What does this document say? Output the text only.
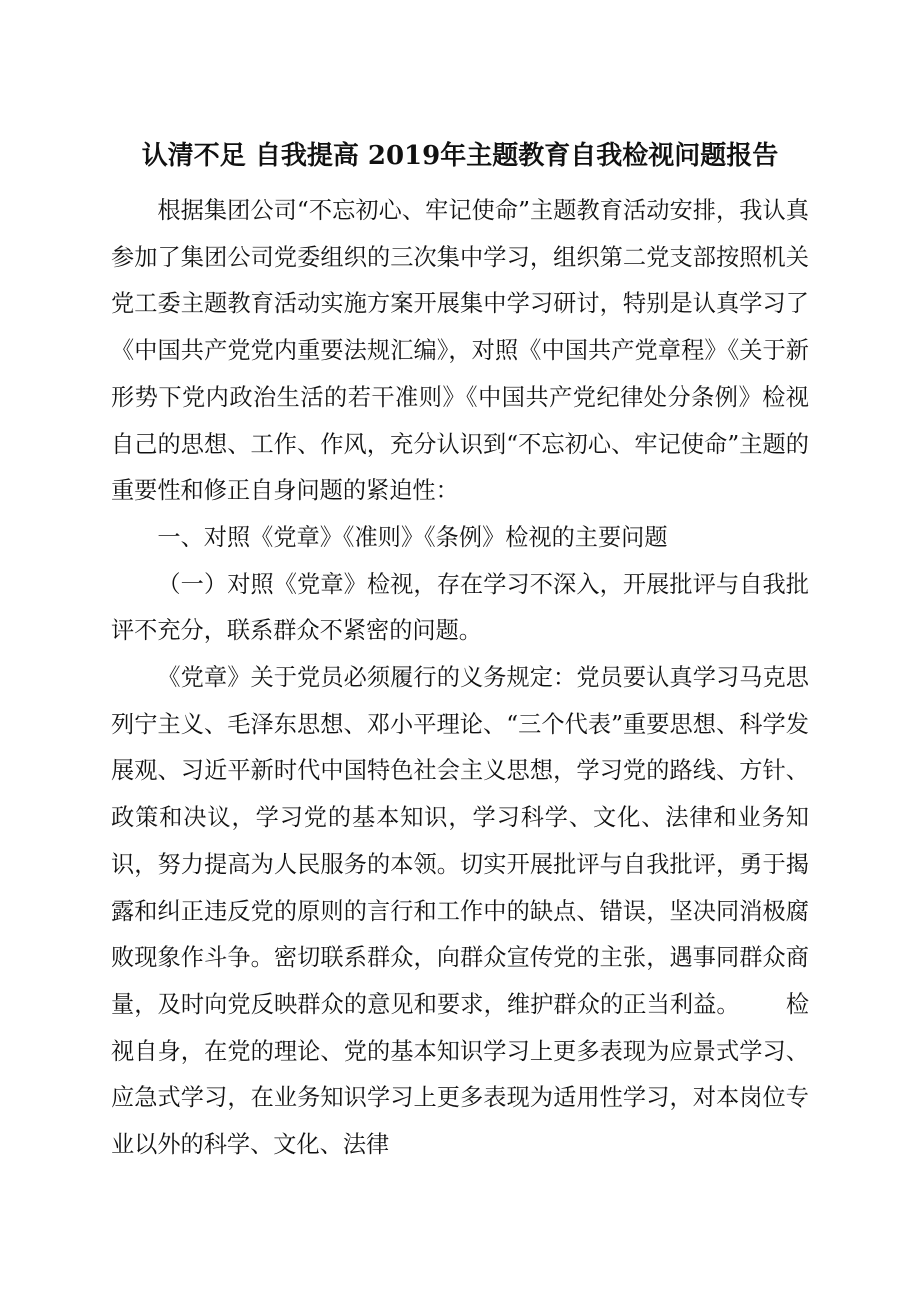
认清不足 自我提高 2019年主题教育自我检视问题报告

根据集团公司“不忘初心、牢记使命”主题教育活动安排，我认真参加了集团公司党委组织的三次集中学习，组织第二党支部按照机关党工委主题教育活动实施方案开展集中学习研讨，特别是认真学习了《中国共产党党内重要法规汇编》，对照《中国共产党章程》《关于新形势下党内政治生活的若干准则》《中国共产党纪律处分条例》检视自己的思想、工作、作风，充分认识到“不忘初心、牢记使命”主题的重要性和修正自身问题的紧迫性：

一、对照《党章》《准则》《条例》检视的主要问题

（一）对照《党章》检视，存在学习不深入，开展批评与自我批评不充分，联系群众不紧密的问题。

《党章》关于党员必须履行的义务规定：党员要认真学习马克思列宁主义、毛泽东思想、邓小平理论、“三个代表”重要思想、科学发展观、习近平新时代中国特色社会主义思想，学习党的路线、方针、政策和决议，学习党的基本知识，学习科学、文化、法律和业务知识，努力提高为人民服务的本领。切实开展批评与自我批评，勇于揭露和纠正违反党的原则的言行和工作中的缺点、错误，坚决同消极腐败现象作斗争。密切联系群众，向群众宣传党的主张，遇事同群众商量，及时向党反映群众的意见和要求，维护群众的正当利益。 检视自身，在党的理论、党的基本知识学习上更多表现为应景式学习、应急式学习，在业务知识学习上更多表现为适用性学习，对本岗位专业以外的科学、文化、法律
